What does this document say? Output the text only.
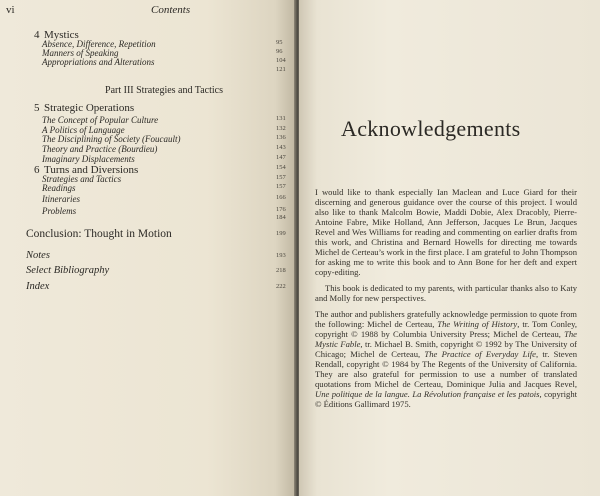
vi	Contents
4 Mystics
Absence, Difference, Repetition	95
Manners of Speaking	96
Appropriations and Alterations	104
121
Part III Strategies and Tactics
5 Strategic Operations
The Concept of Popular Culture	131
A Politics of Language	132
The Disciplining of Society (Foucault)	136
Theory and Practice (Bourdieu)	143
Imaginary Displacements	147
6 Turns and Diversions	154
Strategies and Tactics	157
Readings	157
Itineraries	166
Problems	176
184
Conclusion: Thought in Motion	199
Notes	193
Select Bibliography	218
Index	222
Acknowledgements

I would like to thank especially Ian Maclean and Luce Giard for their discerning and generous guidance over the course of this project. I would also like to thank Malcolm Bowie, Maddi Dobie, Alex Dracobly, Pierre-Antoine Fabre, Mike Holland, Ann Jefferson, Jacques Le Brun, Jacques Revel and Wes Williams for reading and commenting on earlier drafts from this work, and Christina and Bernard Howells for directing me towards Michel de Certeau’s work in the first place. I am grateful to John Thompson for asking me to write this book and to Ann Bone for her deft and expert copy-editing.

This book is dedicated to my parents, with particular thanks also to Katy and Molly for new perspectives.

The author and publishers gratefully acknowledge permission to quote from the following: Michel de Certeau, The Writing of History, tr. Tom Conley, copyright © 1988 by Columbia University Press; Michel de Certeau, The Mystic Fable, tr. Michael B. Smith, copyright © 1992 by The University of Chicago; Michel de Certeau, The Practice of Everyday Life, tr. Steven Rendall, copyright © 1984 by The Regents of the University of California. They are also grateful for permission to use a number of translated quotations from Michel de Certeau, Dominique Julia and Jacques Revel, Une politique de la langue. La Révolution française et les patois, copyright © Éditions Gallimard 1975.
